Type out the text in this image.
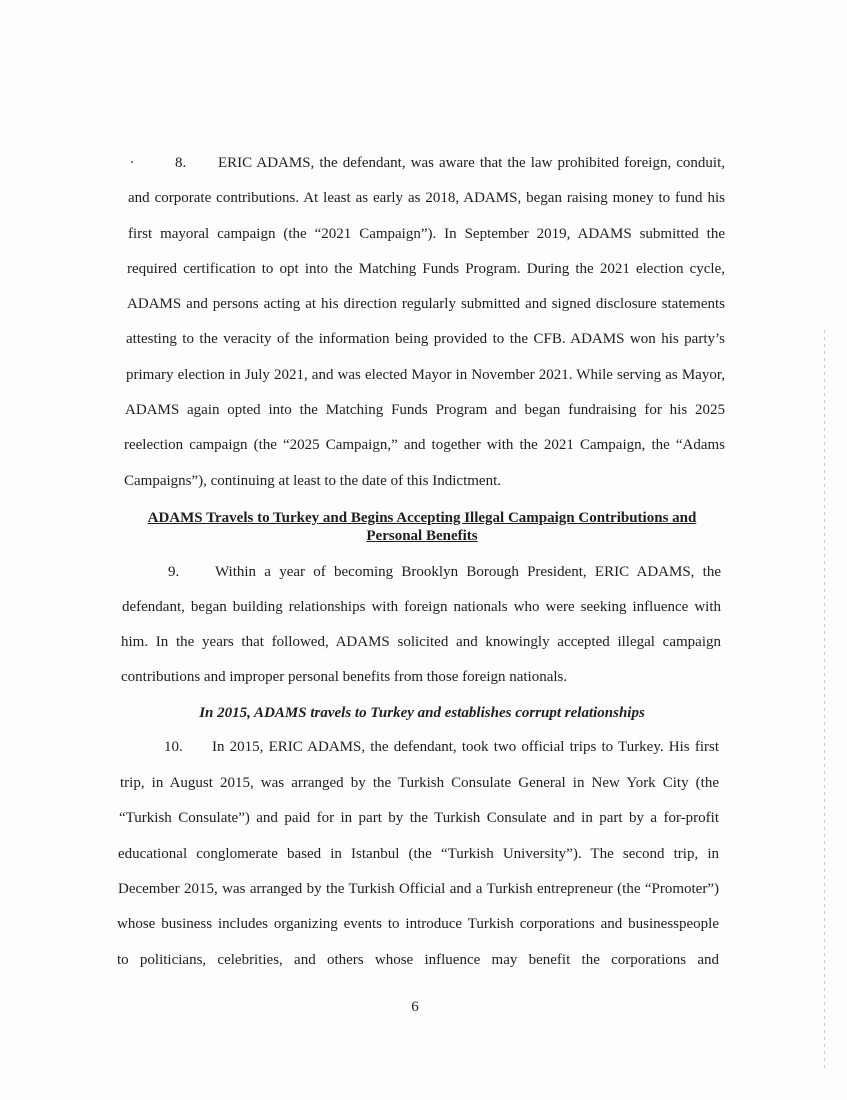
8. ERIC ADAMS, the defendant, was aware that the law prohibited foreign, conduit,
and corporate contributions. At least as early as 2018, ADAMS, began raising money to fund his
first mayoral campaign (the “2021 Campaign”). In September 2019, ADAMS submitted the
required certification to opt into the Matching Funds Program. During the 2021 election cycle,
ADAMS and persons acting at his direction regularly submitted and signed disclosure statements
attesting to the veracity of the information being provided to the CFB. ADAMS won his party’s
primary election in July 2021, and was elected Mayor in November 2021. While serving as Mayor,
ADAMS again opted into the Matching Funds Program and began fundraising for his 2025
reelection campaign (the “2025 Campaign,” and together with the 2021 Campaign, the “Adams
Campaigns”), continuing at least to the date of this Indictment.
ADAMS Travels to Turkey and Begins Accepting Illegal Campaign Contributions and
Personal Benefits
9. Within a year of becoming Brooklyn Borough President, ERIC ADAMS, the
defendant, began building relationships with foreign nationals who were seeking influence with
him. In the years that followed, ADAMS solicited and knowingly accepted illegal campaign
contributions and improper personal benefits from those foreign nationals.
In 2015, ADAMS travels to Turkey and establishes corrupt relationships
10. In 2015, ERIC ADAMS, the defendant, took two official trips to Turkey. His first
trip, in August 2015, was arranged by the Turkish Consulate General in New York City (the
“Turkish Consulate”) and paid for in part by the Turkish Consulate and in part by a for-profit
educational conglomerate based in Istanbul (the “Turkish University”). The second trip, in
December 2015, was arranged by the Turkish Official and a Turkish entrepreneur (the “Promoter”)
whose business includes organizing events to introduce Turkish corporations and businesspeople
to politicians, celebrities, and others whose influence may benefit the corporations and
6
